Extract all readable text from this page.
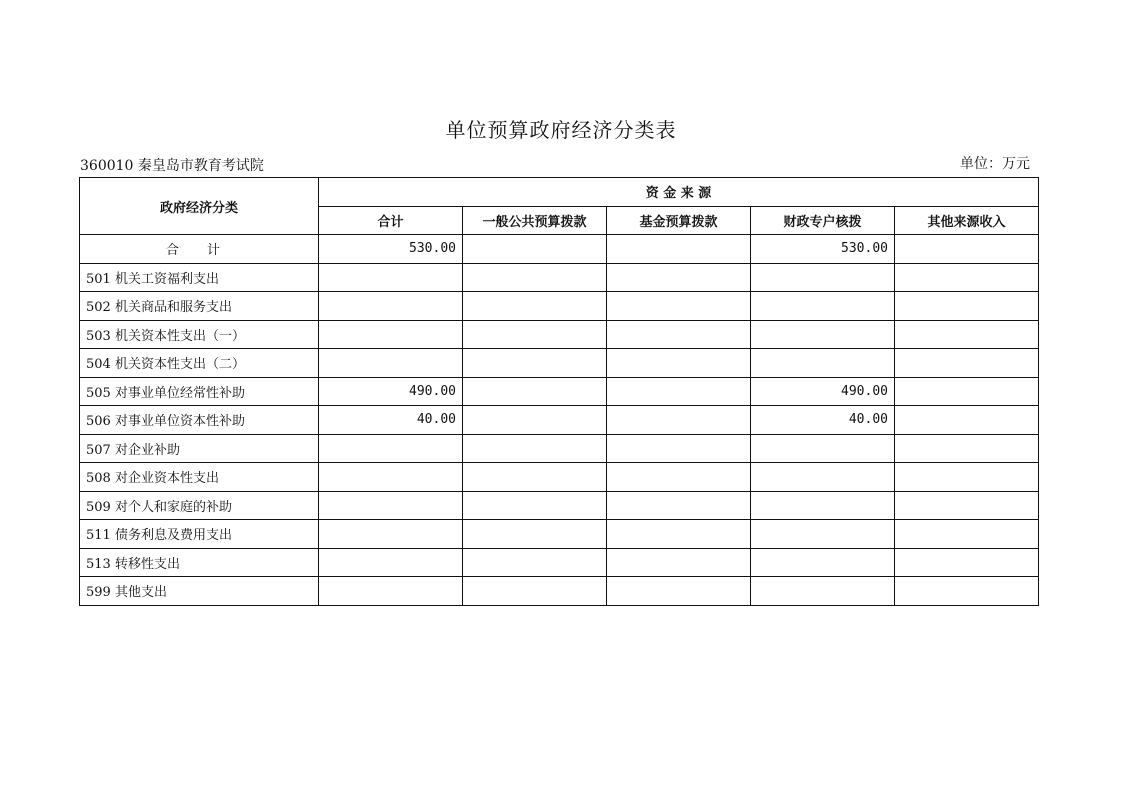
单位预算政府经济分类表
360010 秦皇岛市教育考试院	单位：万元
政府经济分类	资 金 来 源				
	合计	一般公共预算拨款	基金预算拨款	财政专户核拨	其他来源收入
合 计	530.00			530.00	
501 机关工资福利支出					
502 机关商品和服务支出					
503 机关资本性支出（一）					
504 机关资本性支出（二）					
505 对事业单位经常性补助	490.00			490.00	
506 对事业单位资本性补助	40.00			40.00	
507 对企业补助					
508 对企业资本性支出					
509 对个人和家庭的补助					
511 债务利息及费用支出					
513 转移性支出					
599 其他支出					
